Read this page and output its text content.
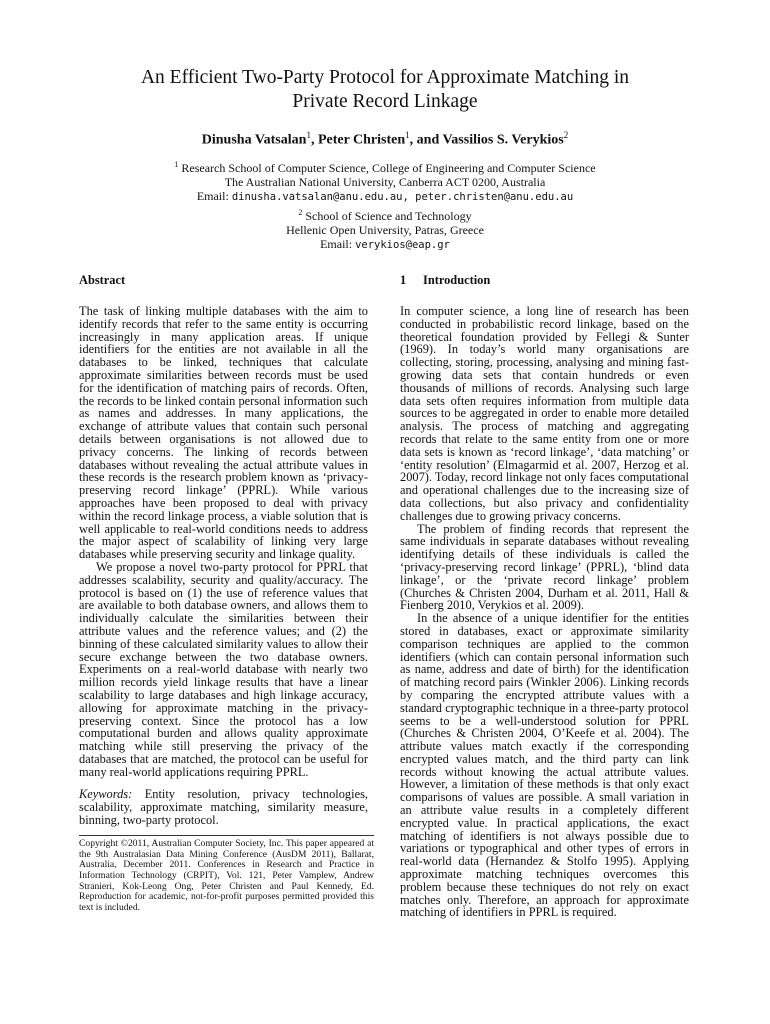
An Efficient Two-Party Protocol for Approximate Matching in
Private Record Linkage
Dinusha Vatsalan$^1$, Peter Christen$^1$, and Vassilios S. Verykios$^2$
$^1$ Research School of Computer Science, College of Engineering and Computer Science
The Australian National University, Canberra ACT 0200, Australia
Email: dinusha.vatsalan@anu.edu.au, peter.christen@anu.edu.au
$^2$ School of Science and Technology
Hellenic Open University, Patras, Greece
Email: verykios@eap.gr
Abstract

The task of linking multiple databases with the aim to identify records that refer to the same entity is occurring increasingly in many application areas. If unique identifiers for the entities are not available in all the databases to be linked, techniques that calculate approximate similarities between records must be used for the identification of matching pairs of records. Often, the records to be linked contain personal information such as names and addresses. In many applications, the exchange of attribute values that contain such personal details between organisations is not allowed due to privacy concerns. The linking of records between databases without revealing the actual attribute values in these records is the research problem known as ‘privacy-preserving record linkage’ (PPRL). While various approaches have been proposed to deal with privacy within the record linkage process, a viable solution that is well applicable to real-world conditions needs to address the major aspect of scalability of linking very large databases while preserving security and linkage quality.

We propose a novel two-party protocol for PPRL that addresses scalability, security and quality/accuracy. The protocol is based on (1) the use of reference values that are available to both database owners, and allows them to individually calculate the similarities between their attribute values and the reference values; and (2) the binning of these calculated similarity values to allow their secure exchange between the two database owners. Experiments on a real-world database with nearly two million records yield linkage results that have a linear scalability to large databases and high linkage accuracy, allowing for approximate matching in the privacy-preserving context. Since the protocol has a low computational burden and allows quality approximate matching while still preserving the privacy of the databases that are matched, the protocol can be useful for many real-world applications requiring PPRL.

Keywords: Entity resolution, privacy technologies, scalability, approximate matching, similarity measure, binning, two-party protocol.
Copyright ©2011, Australian Computer Society, Inc. This paper appeared at the 9th Australasian Data Mining Conference (AusDM 2011), Ballarat, Australia, December 2011. Conferences in Research and Practice in Information Technology (CRPIT), Vol. 121, Peter Vamplew, Andrew Stranieri, Kok-Leong Ong, Peter Christen and Paul Kennedy, Ed. Reproduction for academic, not-for-profit purposes permitted provided this text is included.
1 Introduction

In computer science, a long line of research has been conducted in probabilistic record linkage, based on the theoretical foundation provided by Fellegi & Sunter (1969). In today’s world many organisations are collecting, storing, processing, analysing and mining fast-growing data sets that contain hundreds or even thousands of millions of records. Analysing such large data sets often requires information from multiple data sources to be aggregated in order to enable more detailed analysis. The process of matching and aggregating records that relate to the same entity from one or more data sets is known as ‘record linkage’, ‘data matching’ or ‘entity resolution’ (Elmagarmid et al. 2007, Herzog et al. 2007). Today, record linkage not only faces computational and operational challenges due to the increasing size of data collections, but also privacy and confidentiality challenges due to growing privacy concerns.

The problem of finding records that represent the same individuals in separate databases without revealing identifying details of these individuals is called the ‘privacy-preserving record linkage’ (PPRL), ‘blind data linkage’, or the ‘private record linkage’ problem (Churches & Christen 2004, Durham et al. 2011, Hall & Fienberg 2010, Verykios et al. 2009).

In the absence of a unique identifier for the entities stored in databases, exact or approximate similarity comparison techniques are applied to the common identifiers (which can contain personal information such as name, address and date of birth) for the identification of matching record pairs (Winkler 2006). Linking records by comparing the encrypted attribute values with a standard cryptographic technique in a three-party protocol seems to be a well-understood solution for PPRL (Churches & Christen 2004, O’Keefe et al. 2004). The attribute values match exactly if the corresponding encrypted values match, and the third party can link records without knowing the actual attribute values. However, a limitation of these methods is that only exact comparisons of values are possible. A small variation in an attribute value results in a completely different encrypted value. In practical applications, the exact matching of identifiers is not always possible due to variations or typographical and other types of errors in real-world data (Hernandez & Stolfo 1995). Applying approximate matching techniques overcomes this problem because these techniques do not rely on exact matches only. Therefore, an approach for approximate matching of identifiers in PPRL is required.
